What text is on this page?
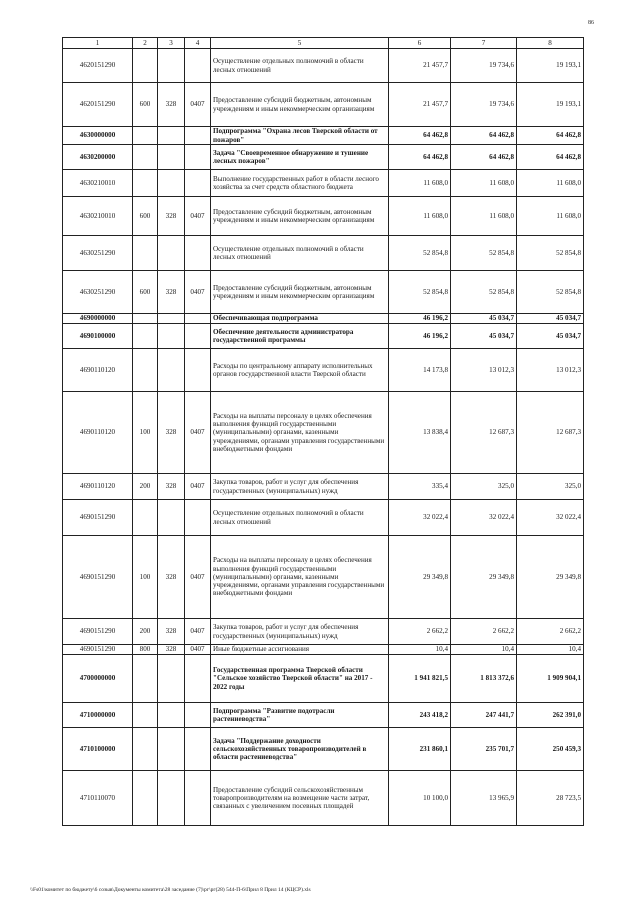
86
1	2	3	4	5	6	7	8
4620151290				Осуществление отдельных полномочий в области лесных отношений	21 457,7	19 734,6	19 193,1
4620151290	600	328	0407	Предоставление субсидий бюджетным, автономным учреждениям и иным некоммерческим организациям	21 457,7	19 734,6	19 193,1
4630000000				Подпрограмма "Охрана лесов Тверской области от пожаров"	64 462,8	64 462,8	64 462,8
4630200000				Задача "Своевременное обнаружение и тушение лесных пожаров"	64 462,8	64 462,8	64 462,8
4630210010				Выполнение государственных работ в области лесного хозяйства за счет средств областного бюджета	11 608,0	11 608,0	11 608,0
4630210010	600	328	0407	Предоставление субсидий бюджетным, автономным учреждениям и иным некоммерческим организациям	11 608,0	11 608,0	11 608,0
4630251290				Осуществление отдельных полномочий в области лесных отношений	52 854,8	52 854,8	52 854,8
4630251290	600	328	0407	Предоставление субсидий бюджетным, автономным учреждениям и иным некоммерческим организациям	52 854,8	52 854,8	52 854,8
4690000000				Обеспечивающая подпрограмма	46 196,2	45 034,7	45 034,7
4690100000				Обеспечение деятельности администратора государственной программы	46 196,2	45 034,7	45 034,7
4690110120				Расходы по центральному аппарату исполнительных органов государственной власти Тверской области	14 173,8	13 012,3	13 012,3
4690110120	100	328	0407	Расходы на выплаты персоналу в целях обеспечения выполнения функций государственными (муниципальными) органами, казенными учреждениями, органами управления государственными внебюджетными фондами	13 838,4	12 687,3	12 687,3
4690110120	200	328	0407	Закупка товаров, работ и услуг для обеспечения государственных (муниципальных) нужд	335,4	325,0	325,0
4690151290				Осуществление отдельных полномочий в области лесных отношений	32 022,4	32 022,4	32 022,4
4690151290	100	328	0407	Расходы на выплаты персоналу в целях обеспечения выполнения функций государственными (муниципальными) органами, казенными учреждениями, органами управления государственными внебюджетными фондами	29 349,8	29 349,8	29 349,8
4690151290	200	328	0407	Закупка товаров, работ и услуг для обеспечения государственных (муниципальных) нужд	2 662,2	2 662,2	2 662,2
4690151290	800	328	0407	Иные бюджетные ассигнования	10,4	10,4	10,4
4700000000				Государственная программа Тверской области "Сельское хозяйство Тверской области" на 2017 - 2022 годы	1 941 821,5	1 813 372,6	1 909 904,1
4710000000				Подпрограмма "Развитие подотрасли растениеводства"	243 418,2	247 441,7	262 391,0
4710100000				Задача "Поддержание доходности сельскохозяйственных товаропроизводителей в области растениеводства"	231 860,1	235 701,7	250 459,3
4710110070				Предоставление субсидий сельскохозяйственным товаропроизводителям на возмещение части затрат, связанных с увеличением посевных площадей	10 100,0	13 965,9	28 723,5
\\Fs01\комитет по бюджету\6 созыв\Документы комитета\28 заседание (7)\рг\рг(28) 544-П-6\Прил 8 Прил 14 (КЦСР).xls
